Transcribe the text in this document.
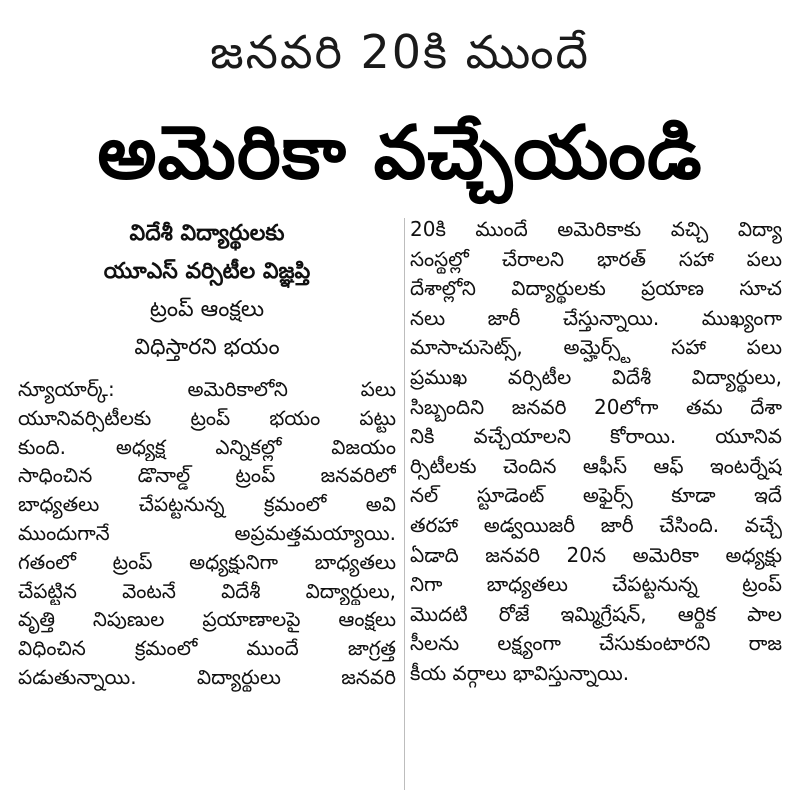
జనవరి 20కి ముందే
అమెరికా వచ్చేయండి
విదేశీ విద్యార్థులకు
యూఎస్ వర్సిటీల విజ్ఞప్తి
ట్రంప్ ఆంక్షలు
విధిస్తారని భయం
న్యూయార్క్: అమెరికాలోని పలు
యూనివర్సిటీలకు ట్రంప్ భయం పట్టు
కుంది. అధ్యక్ష ఎన్నికల్లో విజయం
సాధించిన డొనాల్డ్ ట్రంప్ జనవరిలో
బాధ్యతలు చేపట్టనున్న క్రమంలో అవి
ముందుగానే అప్రమత్తమయ్యాయి.
గతంలో ట్రంప్ అధ్యక్షునిగా బాధ్యతలు
చేపట్టిన వెంటనే విదేశీ విద్యార్థులు,
వృత్తి నిపుణుల ప్రయాణాలపై ఆంక్షలు
విధించిన క్రమంలో ముందే జాగ్రత్త
పడుతున్నాయి. విద్యార్థులు జనవరి
20కి ముందే అమెరికాకు వచ్చి విద్యా
సంస్థల్లో చేరాలని భారత్ సహా పలు
దేశాల్లోని విద్యార్థులకు ప్రయాణ సూచ
నలు జారీ చేస్తున్నాయి. ముఖ్యంగా
మాసాచుసెట్స్, అమ్హెర్స్ట్ సహా పలు
ప్రముఖ వర్సిటీల విదేశీ విద్యార్థులు,
సిబ్బందిని జనవరి 20లోగా తమ దేశా
నికి వచ్చేయాలని కోరాయి. యూనివ
ర్సిటీలకు చెందిన ఆఫీస్ ఆఫ్ ఇంటర్నేష
నల్ స్టూడెంట్ అఫైర్స్ కూడా ఇదే
తరహా అడ్వయిజరీ జారీ చేసింది. వచ్చే
ఏడాది జనవరి 20న అమెరికా అధ్యక్షు
నిగా బాధ్యతలు చేపట్టనున్న ట్రంప్
మొదటి రోజే ఇమ్మిగ్రేషన్, ఆర్థిక పాల
సీలను లక్ష్యంగా చేసుకుంటారని రాజ
కీయ వర్గాలు భావిస్తున్నాయి.
